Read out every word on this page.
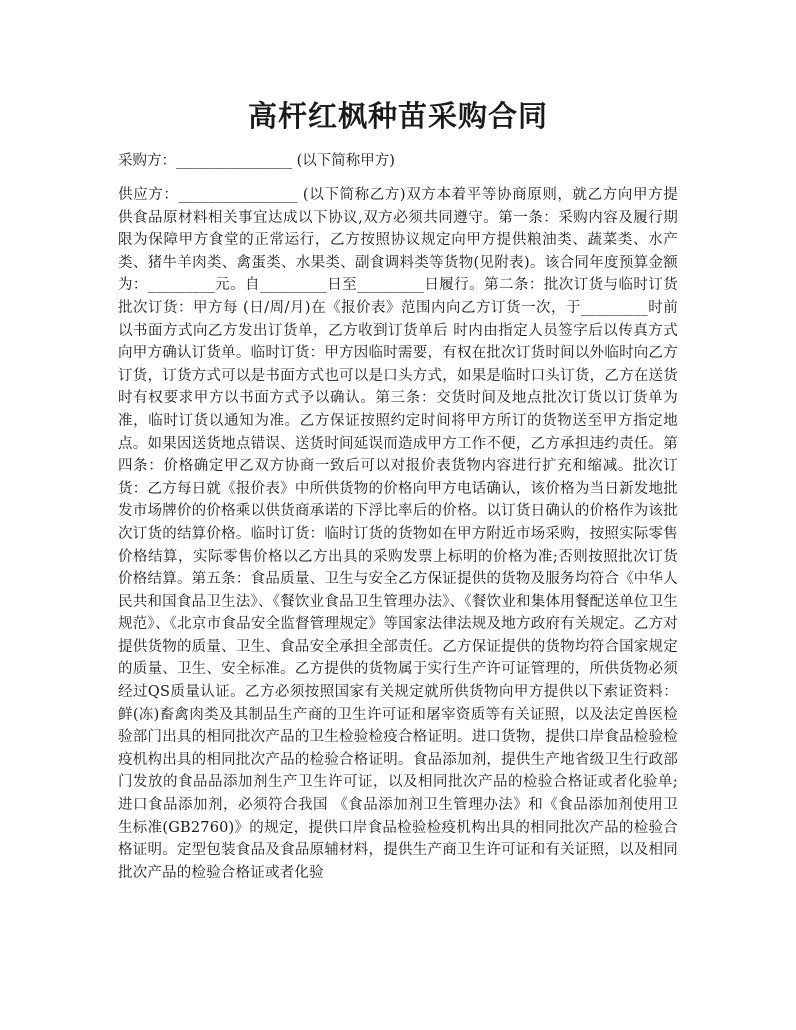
高杆红枫种苗采购合同
采购方：________________ (以下简称甲方)
供应方：________________ (以下简称乙方)双方本着平等协商原则，就乙方向甲方提供食品原材料相关事宜达成以下协议,双方必须共同遵守。第一条：采购内容及履行期限为保障甲方食堂的正常运行，乙方按照协议规定向甲方提供粮油类、蔬菜类、水产类、猪牛羊肉类、禽蛋类、水果类、副食调料类等货物(见附表)。该合同年度预算金额为：_________元。自_________日至_________日履行。第二条：批次订货与临时订货批次订货：甲方每 (日/周/月)在《报价表》范围内向乙方订货一次，于_________时前以书面方式向乙方发出订货单，乙方收到订货单后 时内由指定人员签字后以传真方式向甲方确认订货单。临时订货：甲方因临时需要，有权在批次订货时间以外临时向乙方订货，订货方式可以是书面方式也可以是口头方式，如果是临时口头订货，乙方在送货时有权要求甲方以书面方式予以确认。第三条：交货时间及地点批次订货以订货单为准，临时订货以通知为准。乙方保证按照约定时间将甲方所订的货物送至甲方指定地点。如果因送货地点错误、送货时间延误而造成甲方工作不便，乙方承担违约责任。第四条：价格确定甲乙双方协商一致后可以对报价表货物内容进行扩充和缩减。批次订货：乙方每日就《报价表》中所供货物的价格向甲方电话确认，该价格为当日新发地批发市场牌价的价格乘以供货商承诺的下浮比率后的价格。以订货日确认的价格作为该批次订货的结算价格。临时订货：临时订货的货物如在甲方附近市场采购，按照实际零售价格结算，实际零售价格以乙方出具的采购发票上标明的价格为准;否则按照批次订货价格结算。第五条：食品质量、卫生与安全乙方保证提供的货物及服务均符合《中华人民共和国食品卫生法》、《餐饮业食品卫生管理办法》、《餐饮业和集体用餐配送单位卫生规范》、《北京市食品安全监督管理规定》等国家法律法规及地方政府有关规定。乙方对提供货物的质量、卫生、食品安全承担全部责任。乙方保证提供的货物均符合国家规定的质量、卫生、安全标准。乙方提供的货物属于实行生产许可证管理的，所供货物必须经过QS质量认证。乙方必须按照国家有关规定就所供货物向甲方提供以下索证资料：鲜(冻)畜禽肉类及其制品生产商的卫生许可证和屠宰资质等有关证照，以及法定兽医检验部门出具的相同批次产品的卫生检验检疫合格证明。进口货物，提供口岸食品检验检疫机构出具的相同批次产品的检验合格证明。食品添加剂，提供生产地省级卫生行政部门发放的食品品添加剂生产卫生许可证，以及相同批次产品的检验合格证或者化验单;进口食品添加剂，必须符合我国 《食品添加剂卫生管理办法》和《食品添加剂使用卫生标准(GB2760)》的规定，提供口岸食品检验检疫机构出具的相同批次产品的检验合格证明。定型包装食品及食品原辅材料，提供生产商卫生许可证和有关证照，以及相同批次产品的检验合格证或者化验
